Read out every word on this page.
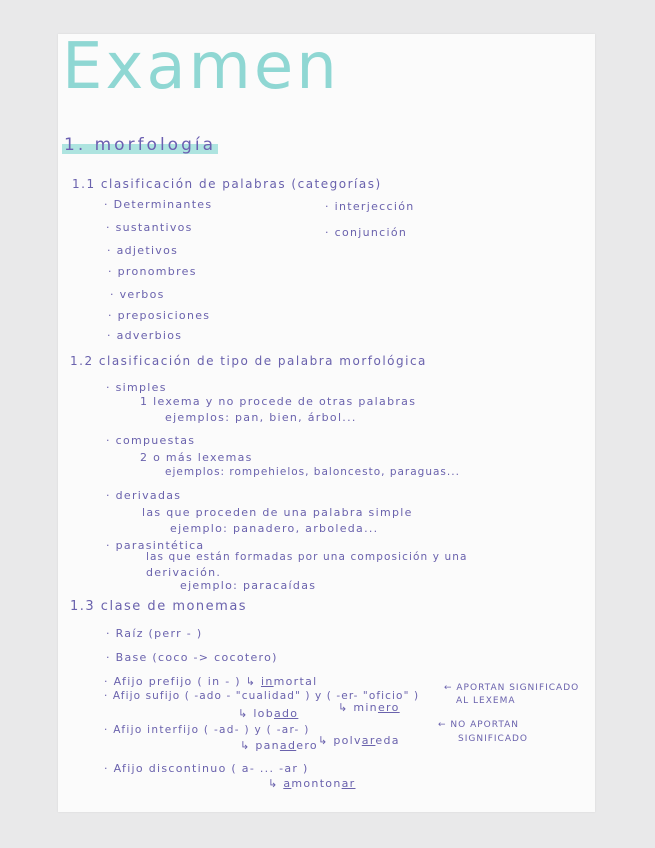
Examen
1. morfología
1.1 clasificación de palabras (categorías)
· Determinantes
· sustantivos
· adjetivos
· pronombres
· verbos
· preposiciones
· adverbios
· interjección
· conjunción
1.2 clasificación de tipo de palabra morfológica
· simples
1 lexema y no procede de otras palabras
ejemplos: pan, bien, árbol...
· compuestas
2 o más lexemas
ejemplos: rompehielos, baloncesto, paraguas...
· derivadas
las que proceden de una palabra simple
ejemplo: panadero, arboleda...
· parasintética
las que están formadas por una composición y una
derivación.
ejemplo: paracaídas
1.3 clase de monemas
· Raíz (perr - )
· Base (coco -> cocotero)
· Afijo prefijo ( in - ) ↳ inmortal
· Afijo sufijo ( -ado - "cualidad" ) y ( -er- "oficio" )
↳ lobado	↳ minero
← APORTAN SIGNIFICADO
AL LEXEMA
· Afijo interfijo ( -ad- ) y ( -ar- )
↳ panadero ↳ polvareda
← NO APORTAN
SIGNIFICADO
· Afijo discontinuo ( a- ... -ar )
↳ amontonar
